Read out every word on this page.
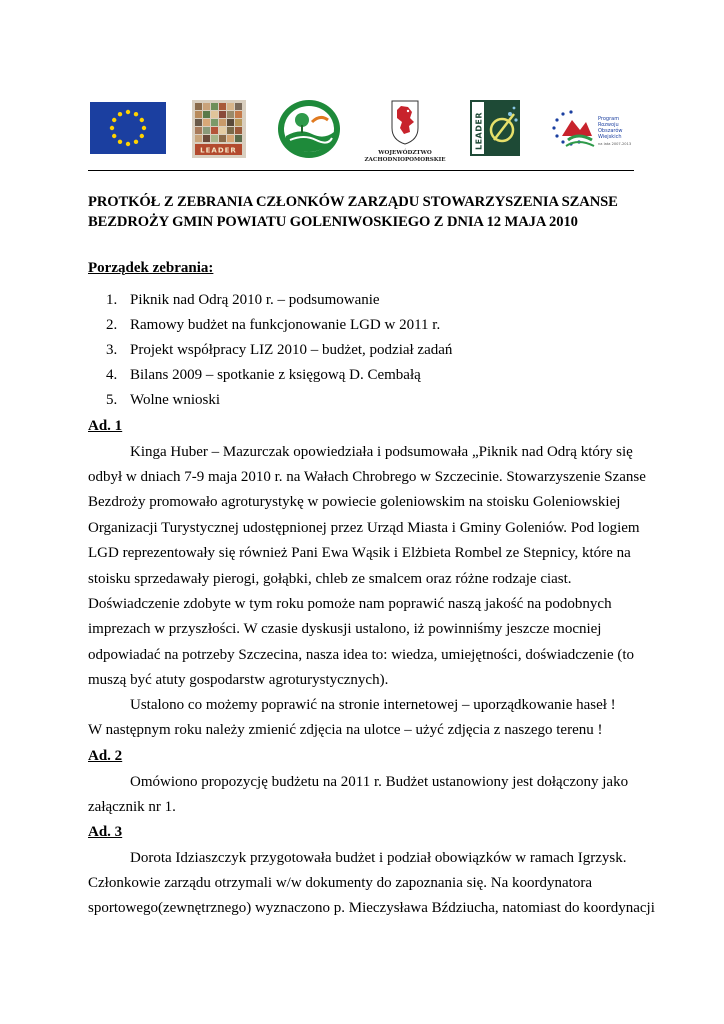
LEADER	WOJEWÓDZTWO
ZACHODNIOPOMORSKIE
LEADER	Program
Rozwoju
Obszarów
Wiejskich
na lata 2007-2013
PROTKÓŁ Z ZEBRANIA CZŁONKÓW ZARZĄDU STOWARZYSZENIA SZANSE
BEZDROŻY GMIN POWIATU GOLENIWOSKIEGO Z DNIA 12 MAJA 2010
Porządek zebrania:
1. Piknik nad Odrą 2010 r. – podsumowanie
2. Ramowy budżet na funkcjonowanie LGD w 2011 r.
3. Projekt współpracy LIZ 2010 – budżet, podział zadań
4. Bilans 2009 – spotkanie z księgową D. Cembałą
5. Wolne wnioski
Ad. 1
Kinga Huber – Mazurczak opowiedziała i podsumowała „Piknik nad Odrą który się
odbył w dniach 7-9 maja 2010 r. na Wałach Chrobrego w Szczecinie. Stowarzyszenie Szanse
Bezdroży promowało agroturystykę w powiecie goleniowskim na stoisku Goleniowskiej
Organizacji Turystycznej udostępnionej przez Urząd Miasta i Gminy Goleniów. Pod logiem
LGD reprezentowały się również Pani Ewa Wąsik i Elżbieta Rombel ze Stepnicy, które na
stoisku sprzedawały pierogi, gołąbki, chleb ze smalcem oraz różne rodzaje ciast.
Doświadczenie zdobyte w tym roku pomoże nam poprawić naszą jakość na podobnych
imprezach w przyszłości. W czasie dyskusji ustalono, iż powinniśmy jeszcze mocniej
odpowiadać na potrzeby Szczecina, nasza idea to: wiedza, umiejętności, doświadczenie (to
muszą być atuty gospodarstw agroturystycznych).
Ustalono co możemy poprawić na stronie internetowej – uporządkowanie haseł !
W następnym roku należy zmienić zdjęcia na ulotce – użyć zdjęcia z naszego terenu !
Ad. 2
Omówiono propozycję budżetu na 2011 r. Budżet ustanowiony jest dołączony jako
załącznik nr 1.
Ad. 3
Dorota Idziaszczyk przygotowała budżet i podział obowiązków w ramach Igrzysk.
Członkowie zarządu otrzymali w/w dokumenty do zapoznania się. Na koordynatora
sportowego(zewnętrznego) wyznaczono p. Mieczysława Bździucha, natomiast do koordynacji
